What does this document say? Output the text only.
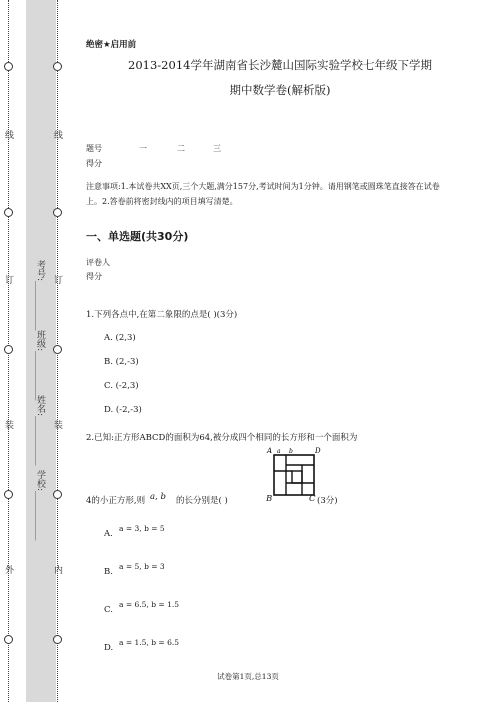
外
装
订
线
内
装
订
线
学校:___________
姓名:___________
班级:___________
考号:___________
绝密★启用前
2013-2014学年湖南省长沙麓山国际实验学校七年级下学期
期中数学卷(解析版)
题号	一	二	三
得分
注意事项:1.本试卷共XX页,三个大题,满分157分,考试时间为1分钟。请用钢笔或圆珠笔直接答在试卷上。2.答卷前将密封线内的项目填写清楚。
一、单选题(共30分)
评卷人
得分
1.下列各点中,在第二象限的点是( )(3分)
A. (2,3)
B. (2,-3)
C. (-2,3)
D. (-2,-3)
2.已知:正方形ABCD的面积为64,被分成四个相同的长方形和一个面积为
4的小正方形,则 a, b 的长分别是( )	(3分)
A	D
a b
B	C
A.
a = 3, b = 5
B.
a = 5, b = 3
C.
a = 6.5, b = 1.5
D.
a = 1.5, b = 6.5
试卷第1页,总13页
